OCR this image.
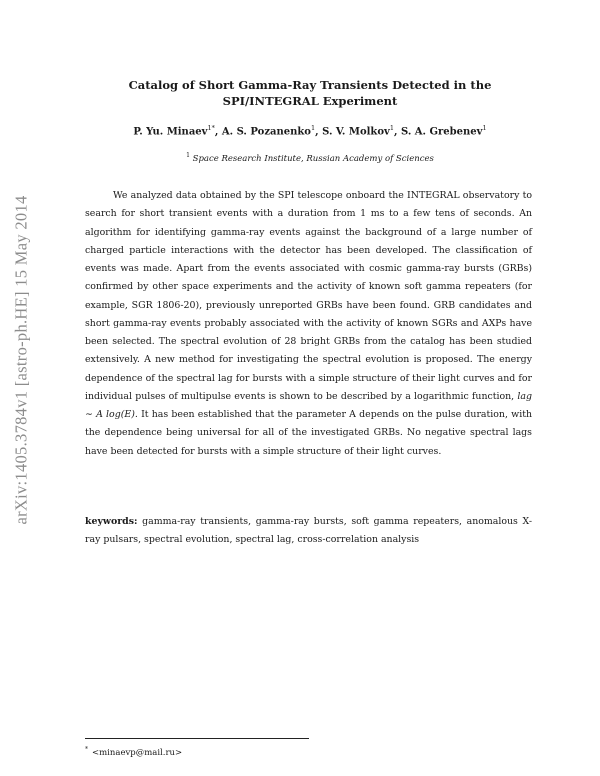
arXiv:1405.3784v1 [astro-ph.HE] 15 May 2014
Catalog of Short Gamma-Ray Transients Detected in the SPI/INTEGRAL Experiment

P. Yu. Minaev$^{1*}$, A. S. Pozanenko$^1$, S. V. Molkov$^1$, S. A. Grebenev$^1$

$^1$ Space Research Institute, Russian Academy of Sciences

We analyzed data obtained by the SPI telescope onboard the INTEGRAL observatory to search for short transient events with a duration from 1 ms to a few tens of seconds. An algorithm for identifying gamma-ray events against the background of a large number of charged particle interactions with the detector has been developed. The classification of events was made. Apart from the events associated with cosmic gamma-ray bursts (GRBs) confirmed by other space experiments and the activity of known soft gamma repeaters (for example, SGR 1806-20), previously unreported GRBs have been found. GRB candidates and short gamma-ray events probably associated with the activity of known SGRs and AXPs have been selected. The spectral evolution of 28 bright GRBs from the catalog has been studied extensively. A new method for investigating the spectral evolution is proposed. The energy dependence of the spectral lag for bursts with a simple structure of their light curves and for individual pulses of multipulse events is shown to be described by a logarithmic function, lag ∼ A log(E). It has been established that the parameter A depends on the pulse duration, with the dependence being universal for all of the investigated GRBs. No negative spectral lags have been detected for bursts with a simple structure of their light curves.

keywords: gamma-ray transients, gamma-ray bursts, soft gamma repeaters, anomalous X-ray pulsars, spectral evolution, spectral lag, cross-correlation analysis

* <minaevp@mail.ru>
